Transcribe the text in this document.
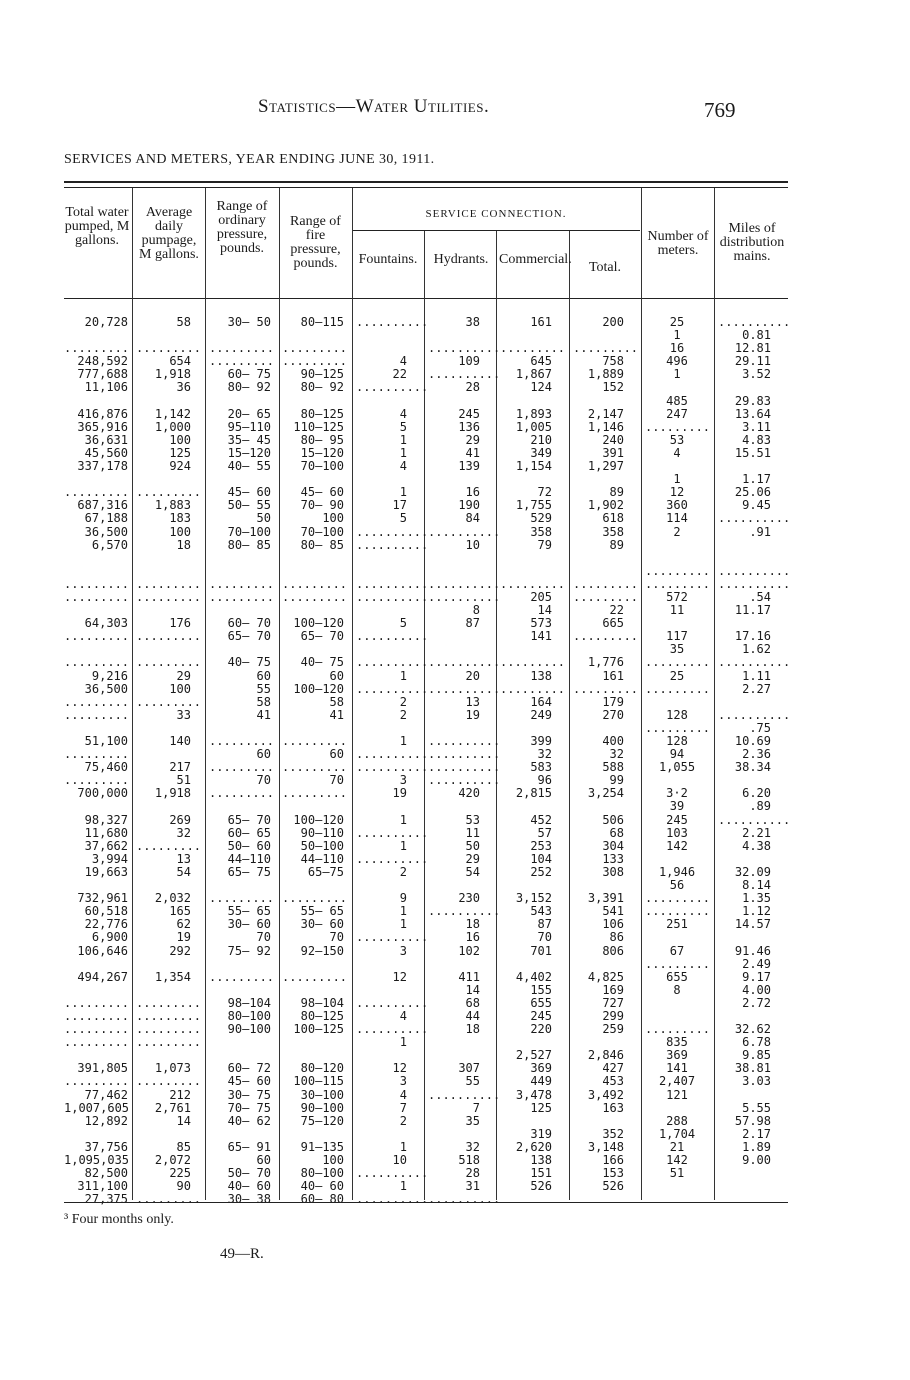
Statistics—Water Utilities.	769
SERVICES AND METERS, YEAR ENDING JUNE 30, 1911.
Total water pumped, M gallons.
Average daily pumpage, M gallons.
Range of ordinary pressure, pounds.
Range of fire pressure, pounds.
SERVICE CONNECTION.
Fountains. Hydrants. Commercial.
Total.
Number of meters.
Miles of distribution mains.
20,728

.........
248,592
777,688
11,106

416,876
365,916
36,631
45,560
337,178

.........
687,316
67,188
36,500
6,570

.........
.........

64,303
.........

.........
9,216
36,500
.........
.........

51,100
.........
75,460
.........
700,000

98,327
11,680
37,662
3,994
19,663

732,961
60,518
22,776
6,900
106,646

494,267

.........
.........
.........
.........

391,805
.........
77,462
1,007,605
12,892

37,756
1,095,035
82,500
311,100
27,375
58

.........
654
1,918
36

1,142
1,000
100
125
924

.........
1,883
183
100
18

.........
.........

176
.........

.........
29
100
.........
33

140

217
51
1,918

269
32
.........
13
54

2,032
165
62
19
292

1,354

.........
.........
.........
.........

1,073
.........
212
2,761
14

85
2,072
225
90
.........
30— 50

.........
.........
60— 75
80— 92

20— 65
95—110
35— 45
15—120
40— 55

45— 60
50— 55
50
70—100
80— 85

.........
.........

60— 70
65— 70

40— 75
60
55
58
41

.........
60
.........
70
.........

65— 70
60— 65
50— 60
44—110
65— 75

.........
55— 65
30— 60
70
75— 92

.........

98—104
80—100
90—100

60— 72
45— 60
30— 75
70— 75
40— 62

65— 91
60
50— 70
40— 60
30— 38
80—115

.........
.........
90—125
80— 92

80—125
110—125
80— 95
15—120
70—100

45— 60
70— 90
100
70—100
80— 85

.........
.........

100—120
65— 70

40— 75
60
100—120
58
41

.........
60
.........
70
.........

100—120
90—110
50—100
44—110
65—75

.........
55— 65
30— 60
70
92—150

.........

98—104
80—125
100—125

80—120
100—115
30—100
90—100
75—120

91—135
100
80—100
40— 60
60— 80
..........

4
22
..........

4
5
1
1
4

1
17
5
..........
..........

..........
..........

5
..........

..........
1
..........
2
2

1
..........
..........
3
19

1
..........
1
..........
2

9
1
1
..........
3

12

..........
4
..........
1

12
3
4
7
2

1
10
..........
1
..........
38

..........
109
..........
28

245
136
29
41
139

16
190
84
..........
10

..........
..........
8
87

..........
20
..........
13
19

..........
..........
..........
..........
420

53
11
50
29
54

230
..........
18
16
102

411
14
68
44
18

307
55
..........
7
35

32
518
28
31
..........
161

.........
645
1,867
124

1,893
1,005
210
349
1,154

72
1,755
529
358
79

.........
205
14
573
141

.........
138
.........
164
249

399
32
583
96
2,815

452
57
253
104
252

3,152
543
87
70
701

4,402
155
655
245
220

2,527
369
449
3,478
125

319
2,620
138
151
526
200

.........
758
1,889
152

2,147
1,146
240
391
1,297

89
1,902
618
358
89

.........
.........
22
665
.........

1,776
161
.........
179
270

400
32
588
99
3,254

506
68
304
133
308

3,391
541
106
86
806

4,825
169
727
299
259

2,846
427
453
3,492
163

352
3,148
166
153
526
25
1
16
496
1

485
247
.........
53
4

1
12
360
114
2

.........
.........
572
11

117
35
.........
25
.........

128
.........
128
94
1,055

3·2
39
245
103
142

1,946
56
.........
.........
251

67
.........
655
8

.........
835
369
141
2,407
121

288
1,704
21
142
51
..........
0.81
12.81
29.11
3.52

29.83
13.64
3.11
4.83
15.51

1.17
25.06
9.45
..........
.91

..........
..........
.54
11.17

17.16
1.62
..........
1.11
2.27

..........
.75
10.69
2.36
38.34

6.20
.89
..........
2.21
4.38

32.09
8.14
1.35
1.12
14.57

91.46
2.49
9.17
4.00
2.72

32.62
6.78
9.85
38.81
3.03

5.55
57.98
2.17
1.89
9.00
³ Four months only.
49—R.
